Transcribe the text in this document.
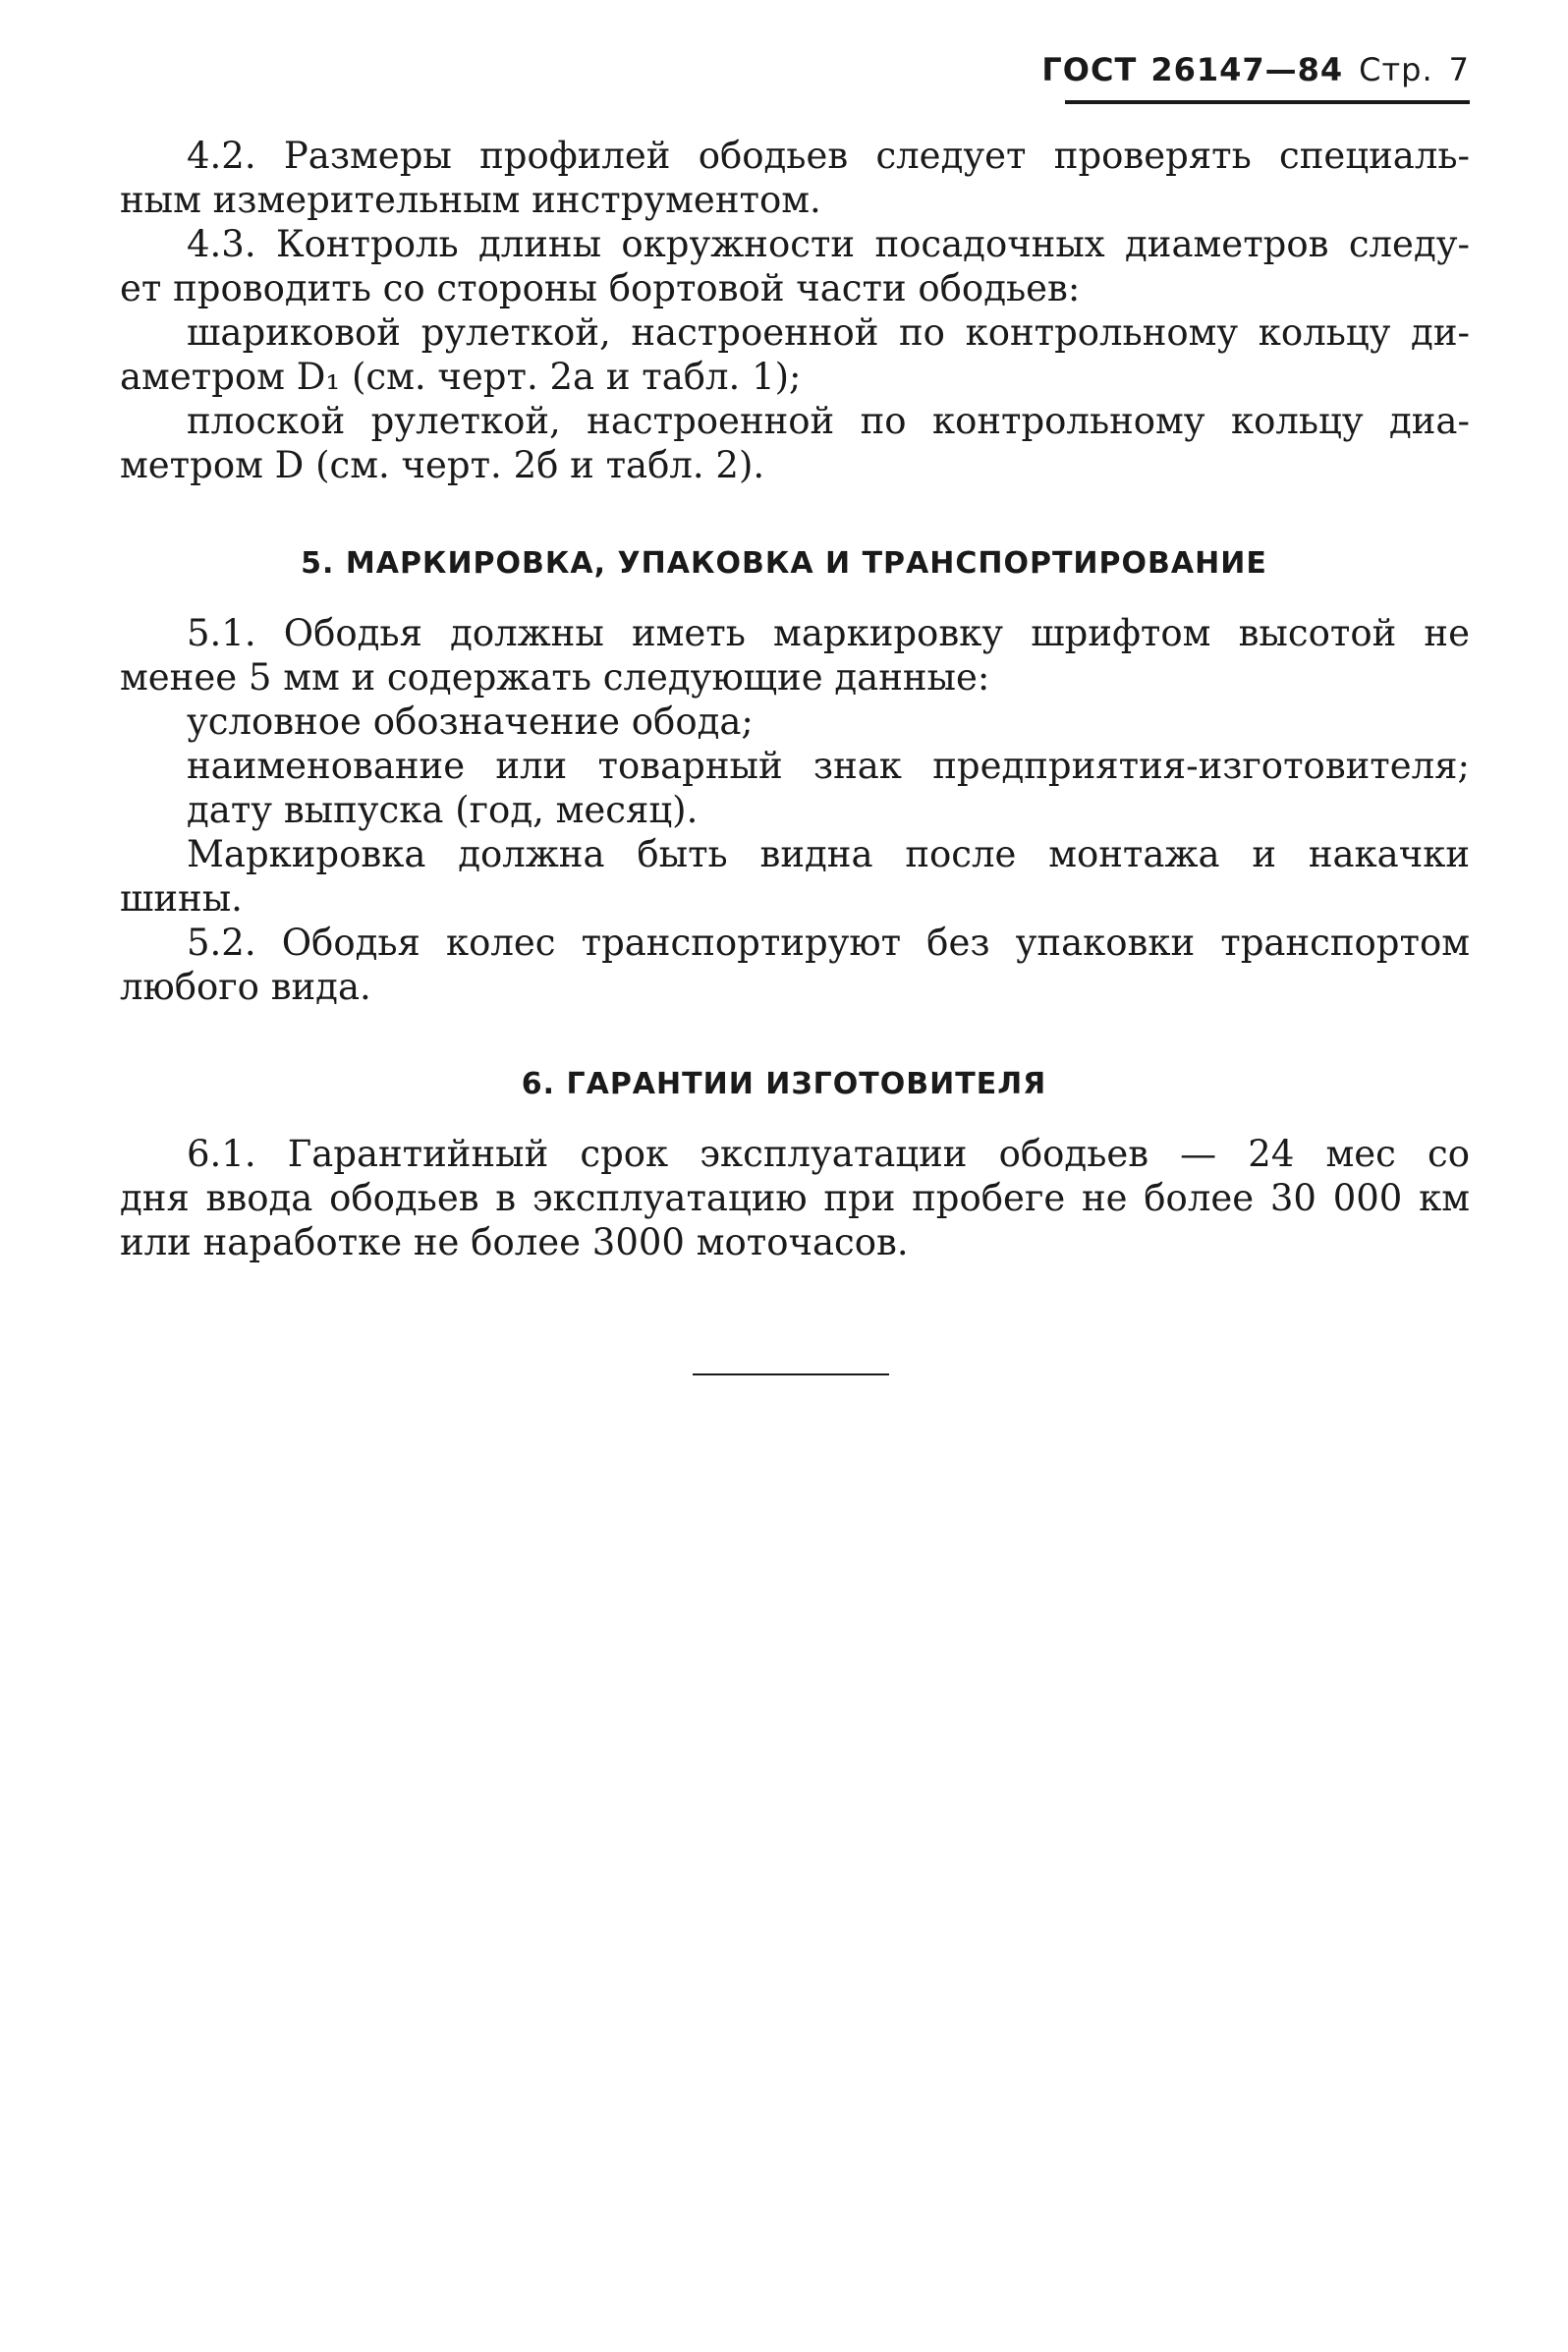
ГОСТ 26147—84 Стр. 7
4.2. Размеры профилей ободьев следует проверять специаль-
ным измерительным инструментом.
4.3. Контроль длины окружности посадочных диаметров следу-
ет проводить со стороны бортовой части ободьев:
шариковой рулеткой, настроенной по контрольному кольцу ди-
аметром D₁ (см. черт. 2а и табл. 1);
плоской рулеткой, настроенной по контрольному кольцу диа-
метром D (см. черт. 2б и табл. 2).
5. МАРКИРОВКА, УПАКОВКА И ТРАНСПОРТИРОВАНИЕ
5.1. Ободья должны иметь маркировку шрифтом высотой не
менее 5 мм и содержать следующие данные:
условное обозначение обода;
наименование или товарный знак предприятия-изготовителя;
дату выпуска (год, месяц).
Маркировка должна быть видна после монтажа и накачки
шины.
5.2. Ободья колес транспортируют без упаковки транспортом
любого вида.
6. ГАРАНТИИ ИЗГОТОВИТЕЛЯ
6.1. Гарантийный срок эксплуатации ободьев — 24 мес со
дня ввода ободьев в эксплуатацию при пробеге не более 30 000 км
или наработке не более 3000 моточасов.
